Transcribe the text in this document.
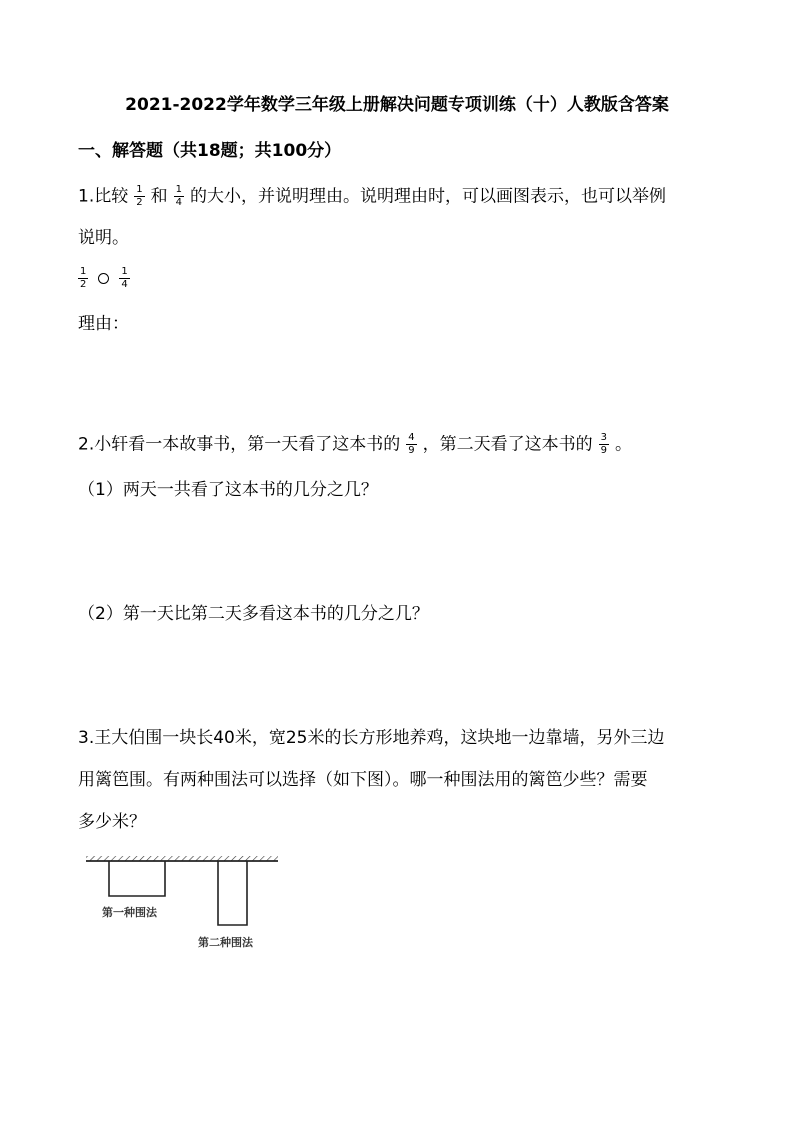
2021-2022学年数学三年级上册解决问题专项训练（十）人教版含答案
一、解答题（共18题；共100分）
1.比较 $\frac{1}{2}$ 和 $\frac{1}{4}$ 的大小，并说明理由。说明理由时，可以画图表示，也可以举例
说明。
$\frac{1}{2}$	$\frac{1}{4}$
理由：
2.小轩看一本故事书，第一天看了这本书的 $\frac{4}{9}$ ，第二天看了这本书的 $\frac{3}{9}$ 。
（1）两天一共看了这本书的几分之几？
（2）第一天比第二天多看这本书的几分之几？
3.王大伯围一块长40米，宽25米的长方形地养鸡，这块地一边靠墙，另外三边
用篱笆围。有两种围法可以选择（如下图）。哪一种围法用的篱笆少些？需要
多少米？
第一种围法
第二种围法
